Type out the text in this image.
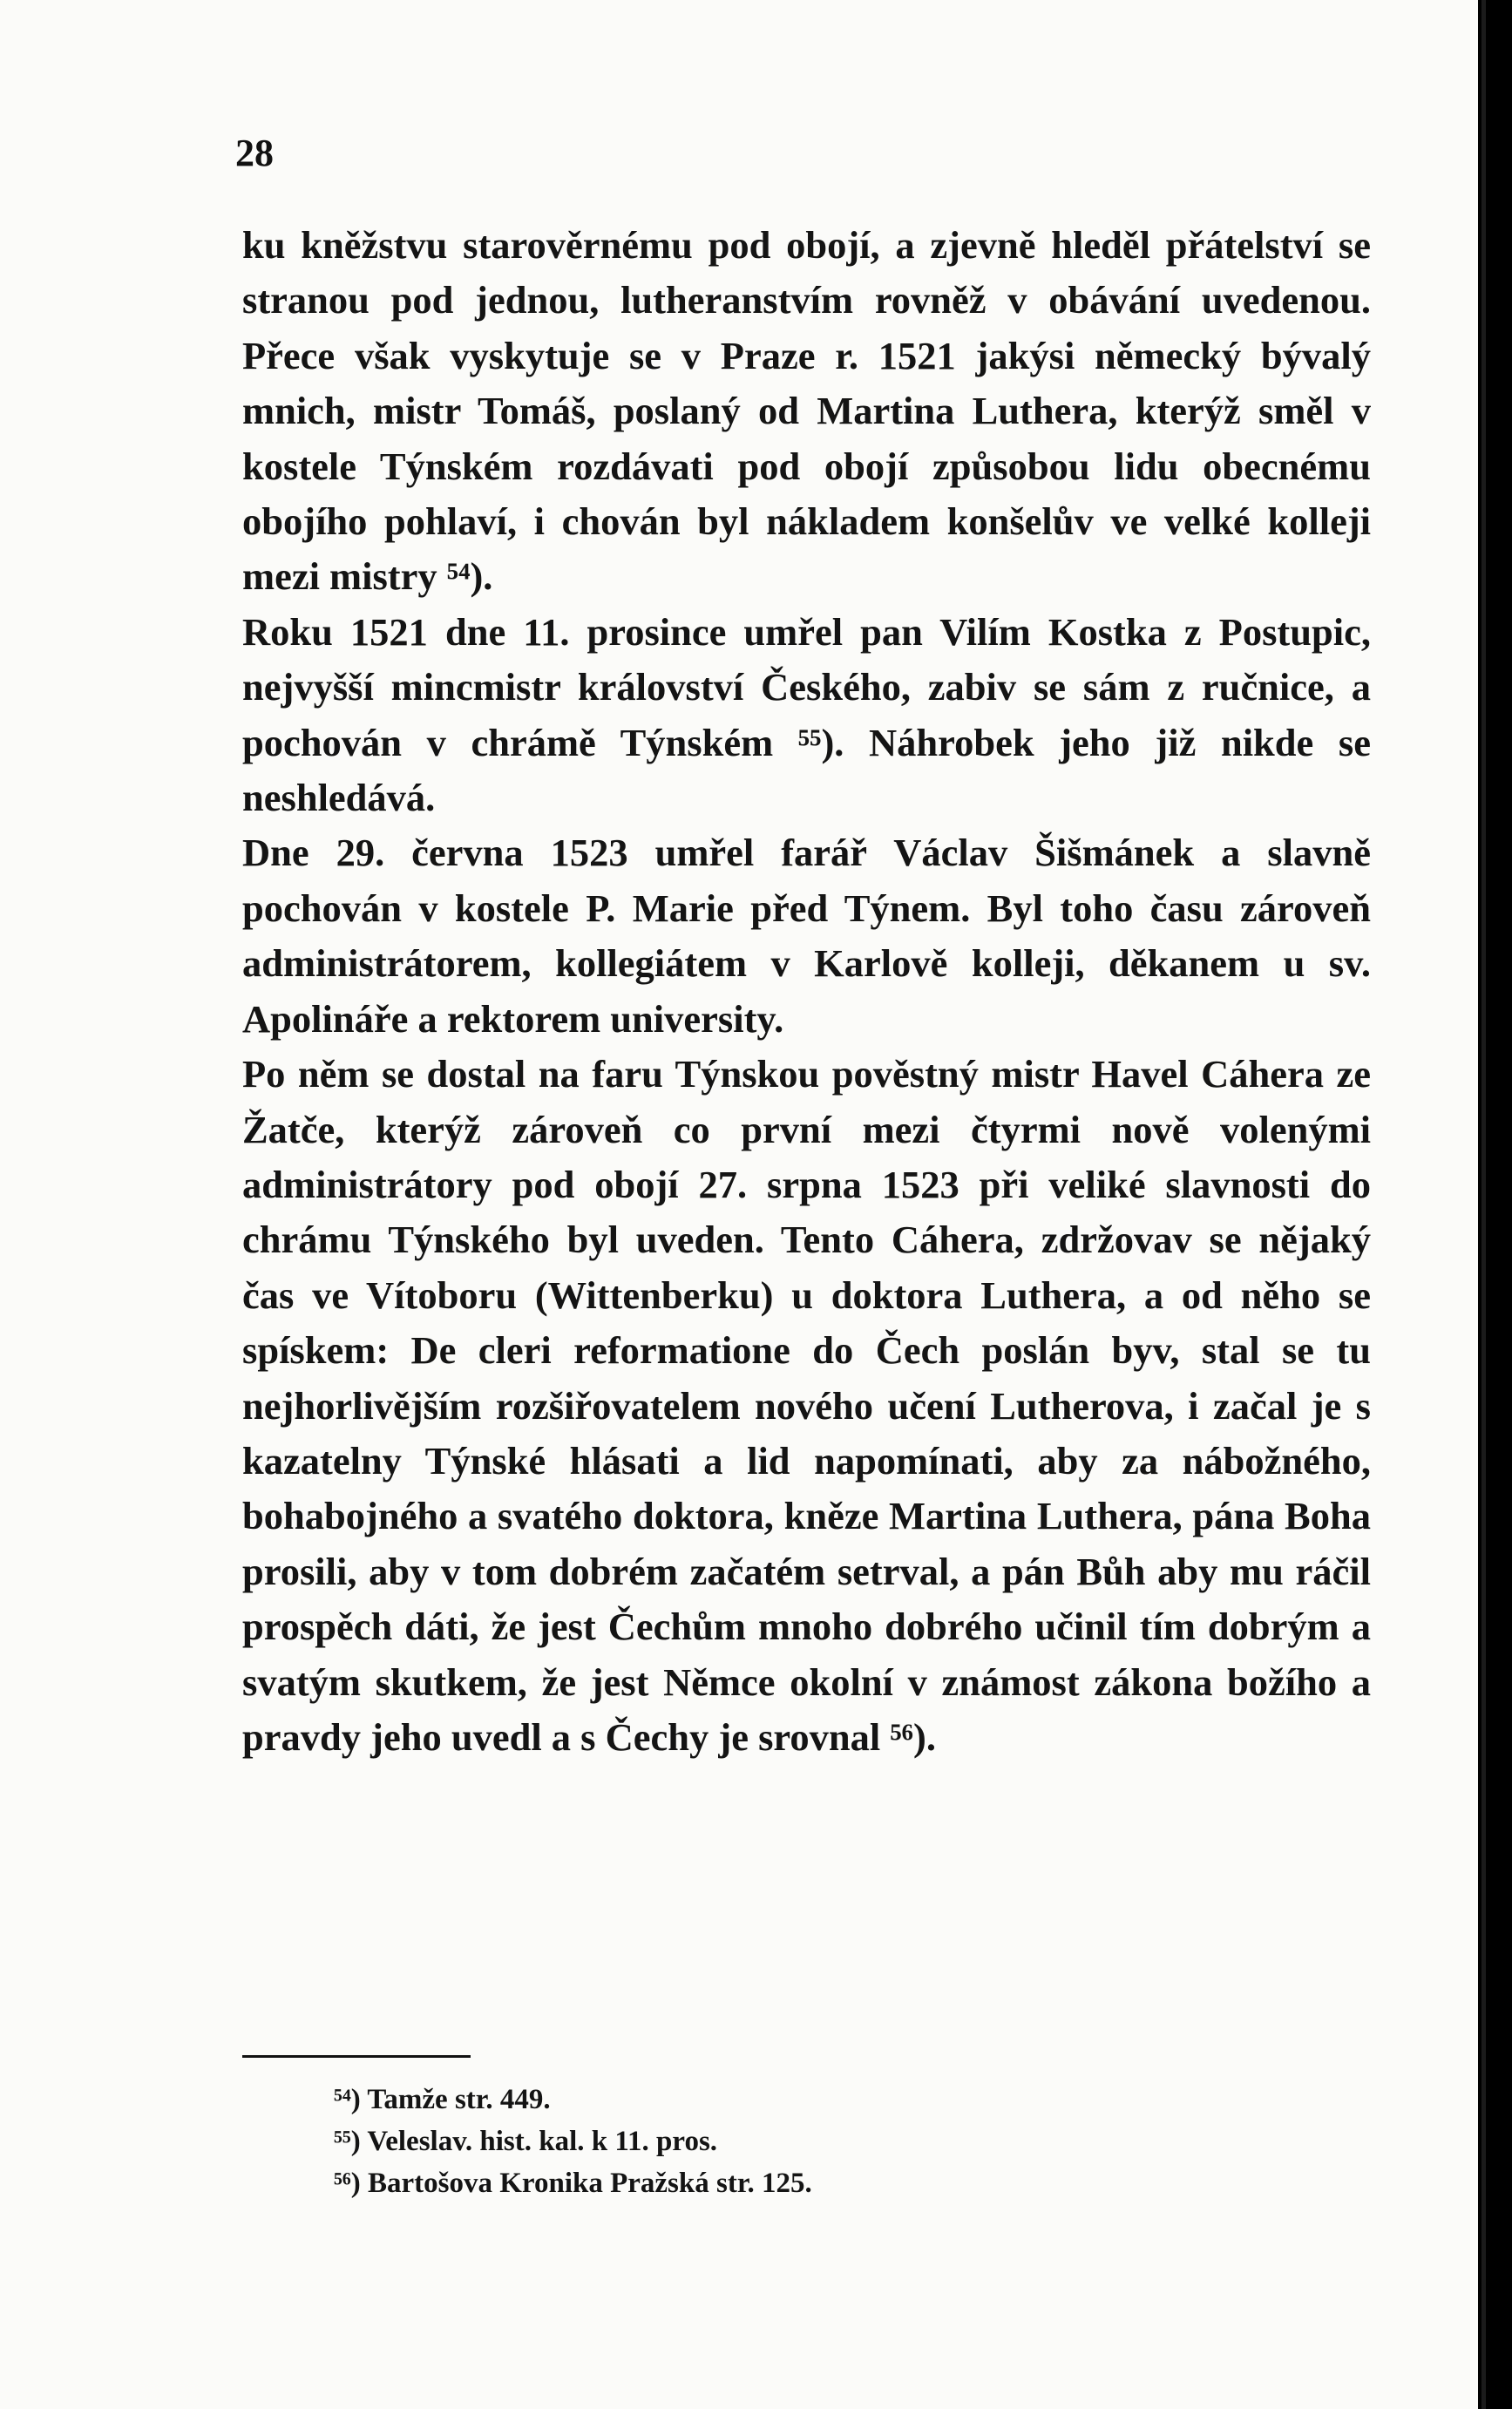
28

ku kněžstvu starověrnému pod obojí, a zjevně hleděl přátelství se stranou pod jednou, lutheranstvím rovněž v obávání uvedenou. Přece však vyskytuje se v Praze r. 1521 jakýsi německý bývalý mnich, mistr Tomáš, poslaný od Martina Luthera, kterýž směl v kostele Týnském rozdávati pod obojí způsobou lidu obecnému obojího pohlaví, i chován byl nákladem konšelův ve velké kolleji mezi mistry ⁵⁴).

Roku 1521 dne 11. prosince umřel pan Vilím Kostka z Postupic, nejvyšší mincmistr království Českého, zabiv se sám z ručnice, a pochován v chrámě Týnském ⁵⁵). Náhrobek jeho již nikde se neshledává.

Dne 29. června 1523 umřel farář Václav Šišmánek a slavně pochován v kostele P. Marie před Týnem. Byl toho času zároveň administrátorem, kollegiátem v Karlově kolleji, děkanem u sv. Apolináře a rektorem university.

Po něm se dostal na faru Týnskou pověstný mistr Havel Cáhera ze Žatče, kterýž zároveň co první mezi čtyrmi nově volenými administrátory pod obojí 27. srpna 1523 při veliké slavnosti do chrámu Týnského byl uveden. Tento Cáhera, zdržovav se nějaký čas ve Vítoboru (Wittenberku) u doktora Luthera, a od něho se spískem: De cleri reformatione do Čech poslán byv, stal se tu nejhorlivějším rozšiřovatelem nového učení Lutherova, i začal je s kazatelny Týnské hlásati a lid napomínati, aby za nábožného, bohabojného a svatého doktora, kněze Martina Luthera, pána Boha prosili, aby v tom dobrém začatém setrval, a pán Bůh aby mu ráčil prospěch dáti, že jest Čechům mnoho dobrého učinil tím dobrým a svatým skutkem, že jest Němce okolní v známost zákona božího a pravdy jeho uvedl a s Čechy je srovnal ⁵⁶).

⁵⁴) Tamže str. 449.
⁵⁵) Veleslav. hist. kal. k 11. pros.
⁵⁶) Bartošova Kronika Pražská str. 125.
